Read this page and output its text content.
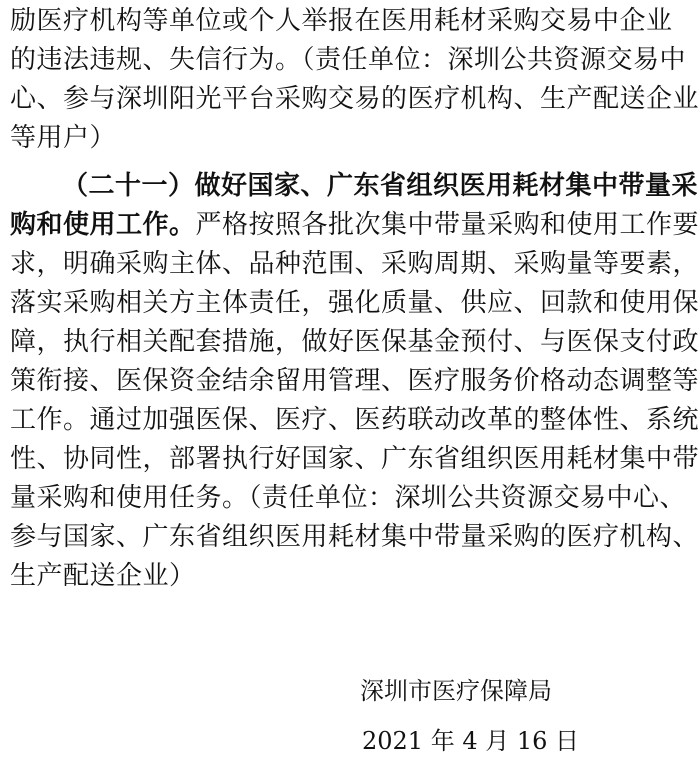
励医疗机构等单位或个人举报在医用耗材采购交易中企业
的违法违规、失信行为。（责任单位：深圳公共资源交易中
心、参与深圳阳光平台采购交易的医疗机构、生产配送企业
等用户）
（二十一）做好国家、广东省组织医用耗材集中带量采
购和使用工作。严格按照各批次集中带量采购和使用工作要
求，明确采购主体、品种范围、采购周期、采购量等要素，
落实采购相关方主体责任，强化质量、供应、回款和使用保
障，执行相关配套措施，做好医保基金预付、与医保支付政
策衔接、医保资金结余留用管理、医疗服务价格动态调整等
工作。通过加强医保、医疗、医药联动改革的整体性、系统
性、协同性，部署执行好国家、广东省组织医用耗材集中带
量采购和使用任务。（责任单位：深圳公共资源交易中心、
参与国家、广东省组织医用耗材集中带量采购的医疗机构、
生产配送企业）
深圳市医疗保障局
2021 年 4 月 16 日
